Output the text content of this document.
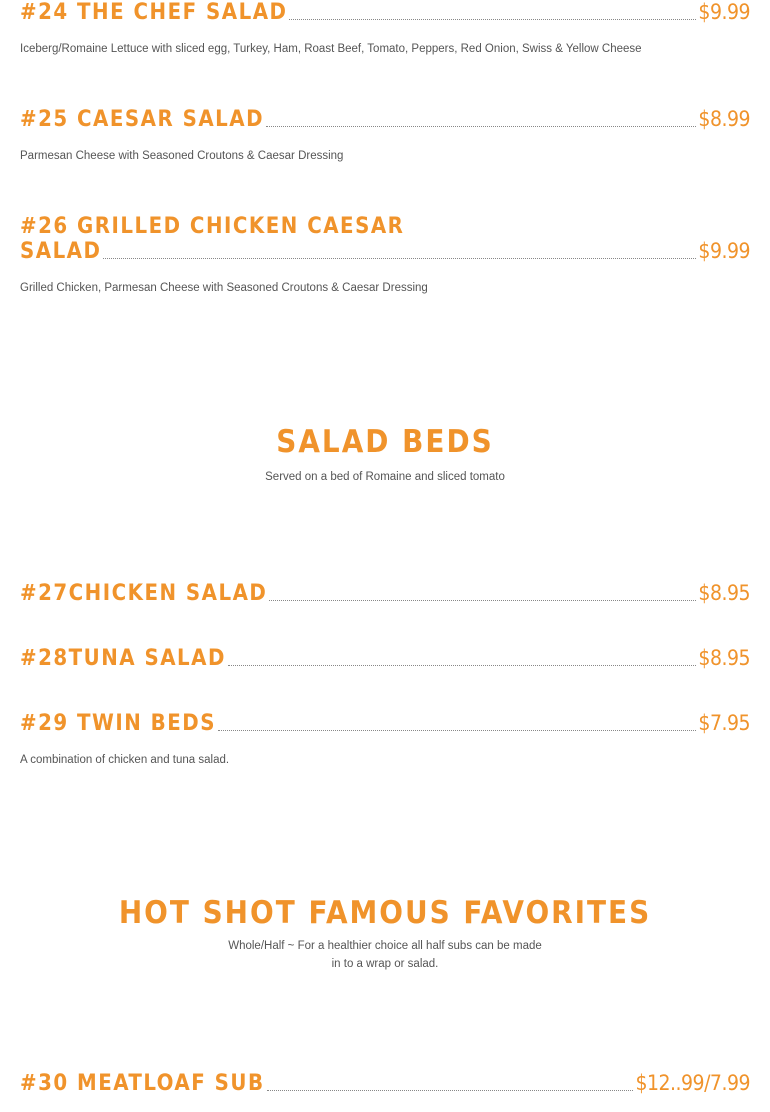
#24 THE CHEF SALAD	$9.99
Iceberg/Romaine Lettuce with sliced egg, Turkey, Ham, Roast Beef, Tomato, Peppers, Red Onion, Swiss & Yellow Cheese
#25 CAESAR SALAD	$8.99
Parmesan Cheese with Seasoned Croutons & Caesar Dressing
#26 GRILLED CHICKEN CAESAR
SALAD	$9.99
Grilled Chicken, Parmesan Cheese with Seasoned Croutons & Caesar Dressing
SALAD BEDS
Served on a bed of Romaine and sliced tomato
#27CHICKEN SALAD	$8.95
#28TUNA SALAD	$8.95
#29 TWIN BEDS	$7.95
A combination of chicken and tuna salad.
HOT SHOT FAMOUS FAVORITES
Whole/Half ~ For a healthier choice all half subs can be made
in to a wrap or salad.
#30 MEATLOAF SUB	$12..99/7.99
